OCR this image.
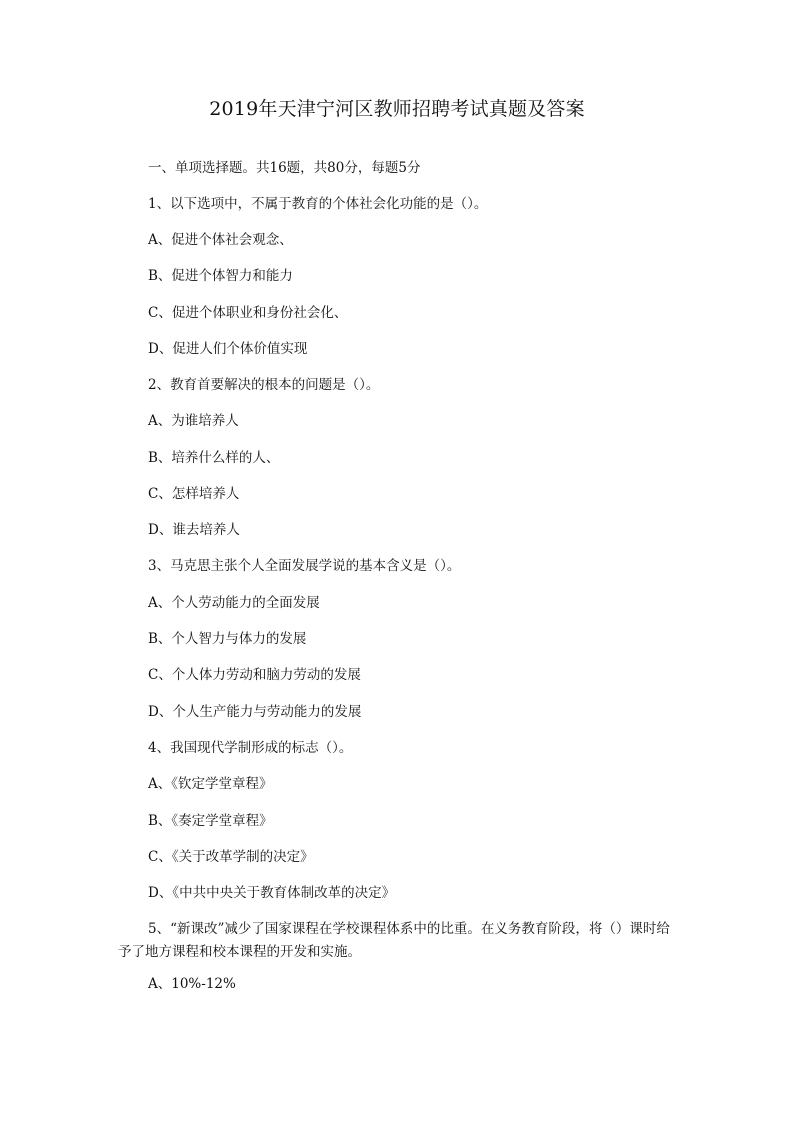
2019年天津宁河区教师招聘考试真题及答案
一、单项选择题。共16题，共80分，每题5分
1、以下选项中，不属于教育的个体社会化功能的是（）。
A、促进个体社会观念、
B、促进个体智力和能力
C、促进个体职业和身份社会化、
D、促进人们个体价值实现
2、教育首要解决的根本的问题是（）。
A、为谁培养人
B、培养什么样的人、
C、怎样培养人
D、谁去培养人
3、马克思主张个人全面发展学说的基本含义是（）。
A、个人劳动能力的全面发展
B、个人智力与体力的发展
C、个人体力劳动和脑力劳动的发展
D、个人生产能力与劳动能力的发展
4、我国现代学制形成的标志（）。
A、《钦定学堂章程》
B、《奏定学堂章程》
C、《关于改革学制的决定》
D、《中共中央关于教育体制改革的决定》
5、“新课改”减少了国家课程在学校课程体系中的比重。在义务教育阶段，将（）课时给予了地方课程和校本课程的开发和实施。
A、10%-12%
